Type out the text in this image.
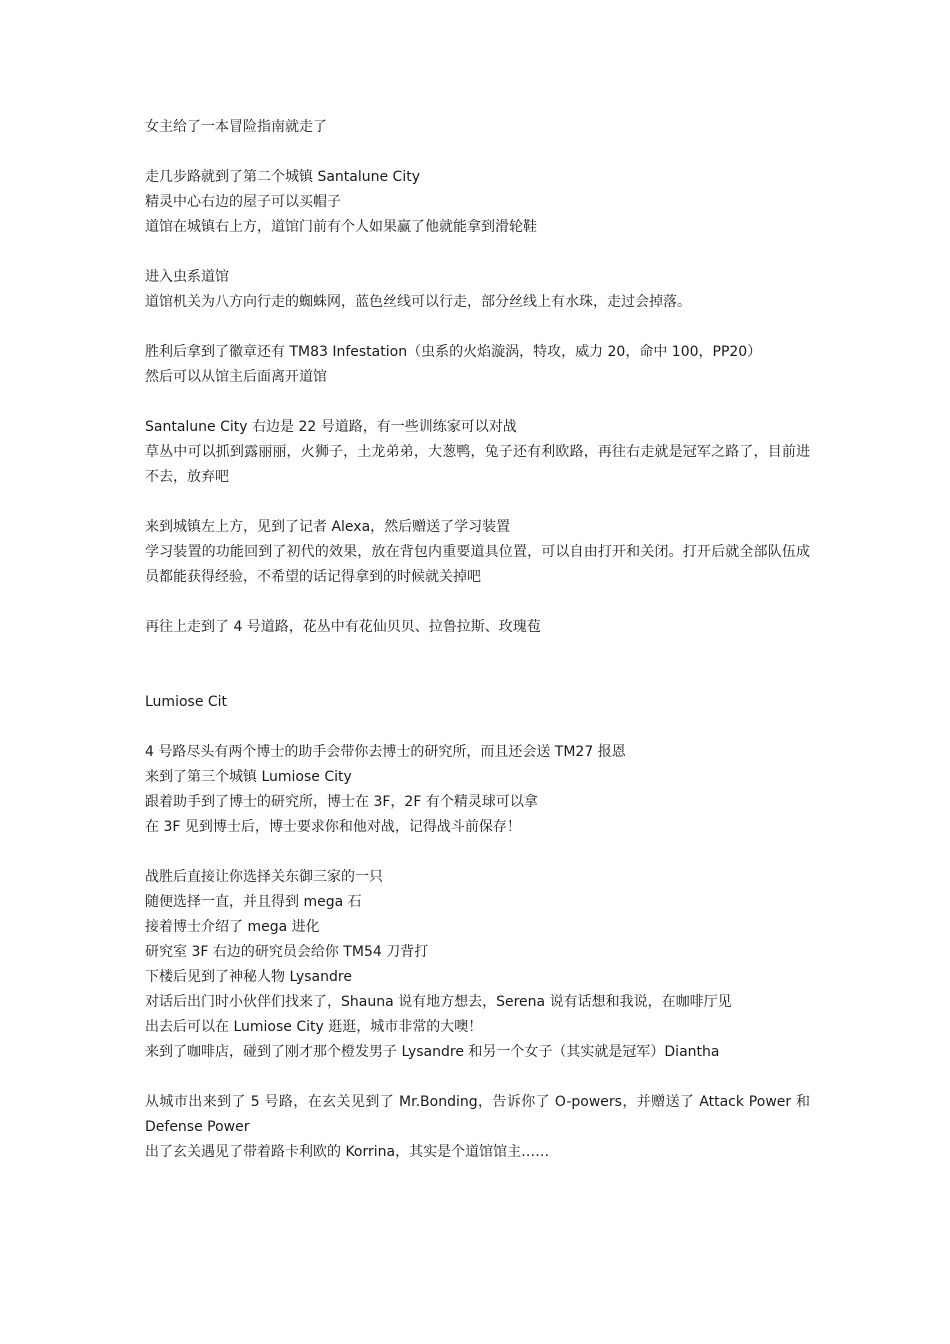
女主给了一本冒险指南就走了

走几步路就到了第二个城镇 Santalune City

精灵中心右边的屋子可以买帽子

道馆在城镇右上方，道馆门前有个人如果赢了他就能拿到滑轮鞋

进入虫系道馆

道馆机关为八方向行走的蜘蛛网，蓝色丝线可以行走，部分丝线上有水珠，走过会掉落。

胜利后拿到了徽章还有 TM83 Infestation（虫系的火焰漩涡，特攻，威力 20，命中 100，PP20）

然后可以从馆主后面离开道馆

Santalune City 右边是 22 号道路，有一些训练家可以对战

草丛中可以抓到露丽丽，火狮子，土龙弟弟，大葱鸭，兔子还有利欧路，再往右走就是冠军之路了，目前进不去，放弃吧

来到城镇左上方，见到了记者 Alexa，然后赠送了学习装置

学习装置的功能回到了初代的效果，放在背包内重要道具位置，可以自由打开和关闭。打开后就全部队伍成员都能获得经验，不希望的话记得拿到的时候就关掉吧

再往上走到了 4 号道路，花丛中有花仙贝贝、拉鲁拉斯、玫瑰苞

Lumiose Cit

4 号路尽头有两个博士的助手会带你去博士的研究所，而且还会送 TM27 报恩

来到了第三个城镇 Lumiose City

跟着助手到了博士的研究所，博士在 3F，2F 有个精灵球可以拿

在 3F 见到博士后，博士要求你和他对战，记得战斗前保存！

战胜后直接让你选择关东御三家的一只

随便选择一直，并且得到 mega 石

接着博士介绍了 mega 进化

研究室 3F 右边的研究员会给你 TM54 刀背打

下楼后见到了神秘人物 Lysandre

对话后出门时小伙伴们找来了，Shauna 说有地方想去，Serena 说有话想和我说，在咖啡厅见

出去后可以在 Lumiose City 逛逛，城市非常的大噢！

来到了咖啡店，碰到了刚才那个橙发男子 Lysandre 和另一个女子（其实就是冠军）Diantha

从城市出来到了 5 号路，在玄关见到了 Mr.Bonding，告诉你了 O-powers，并赠送了 Attack Power 和 Defense Power

出了玄关遇见了带着路卡利欧的 Korrina，其实是个道馆馆主……
